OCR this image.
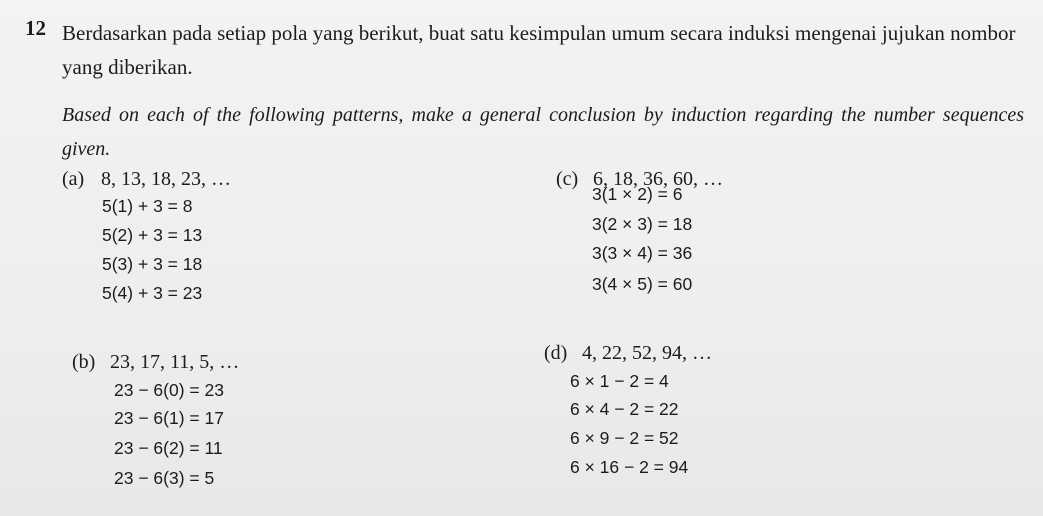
12 Berdasarkan pada setiap pola yang berikut, buat satu kesimpulan umum secara induksi mengenai jujukan nombor yang diberikan.
Based on each of the following patterns, make a general conclusion by induction regarding the number sequences given.
(a) 8, 13, 18, 23, …
5(1) + 3 = 8
5(2) + 3 = 13
5(3) + 3 = 18
5(4) + 3 = 23
(c) 6, 18, 36, 60, …
3(1 × 2) = 6
3(2 × 3) = 18
3(3 × 4) = 36
3(4 × 5) = 60
(b) 23, 17, 11, 5, …
23 − 6(0) = 23
23 − 6(1) = 17
23 − 6(2) = 11
23 − 6(3) = 5
(d) 4, 22, 52, 94, …
6 × 1 − 2 = 4
6 × 4 − 2 = 22
6 × 9 − 2 = 52
6 × 16 − 2 = 94
